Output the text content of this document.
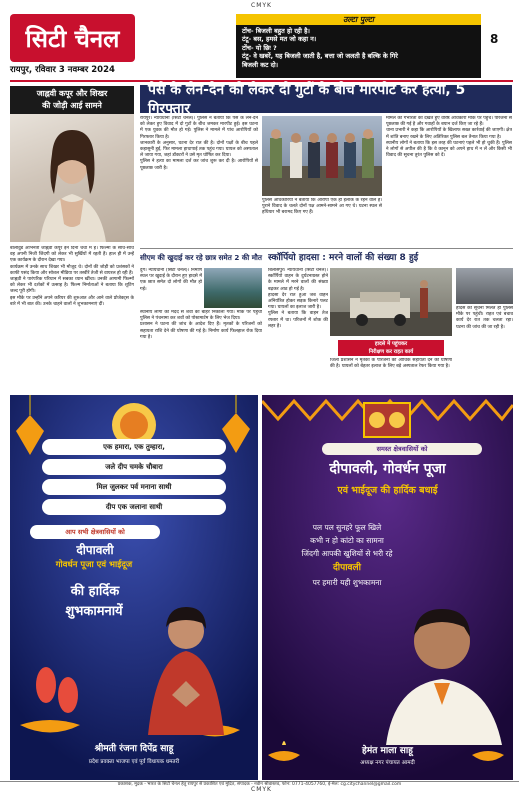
CMYK
सिटी चैनल
रायपुर, रविवार 3 नवम्बर 2024
उल्टा पुल्टा
टोंच- बिजली बहुत हो रही है।
टंटू- बस, हमसे मत जो कहा न।
टोंच- यो छिः ?
टंटू- वे खबरें, यह बिजली जाती है, बत्ता जो जलती है बल्कि के गिरे
बिजली कट दो।
8
जाह्नवी कपूर और शिखर
की जोड़ी आई सामने
बॉलीवुड अभिनेत्री जाह्नवी कपूर इन दिनों चर्चा में हैं। फिल्मों के साथ-साथ वह अपनी निजी जिंदगी को लेकर भी सुर्खियों में रहती हैं। हाल ही में उन्हें एक कार्यक्रम के दौरान देखा गया।
कार्यक्रम में उनके साथ शिखर भी मौजूद थे। दोनों की जोड़ी को प्रशंसकों ने काफी पसंद किया और सोशल मीडिया पर तस्वीरें तेजी से वायरल हो रही हैं।
जाह्नवी ने पारंपरिक परिधान में सबका ध्यान खींचा। उनकी आगामी फिल्मों को लेकर भी दर्शकों में उत्साह है। फिल्म निर्माताओं ने बताया कि शूटिंग जल्द पूरी होगी।
इस मौके पर उन्होंने अपने करियर की शुरुआत और आने वाले प्रोजेक्ट्स के बारे में भी बात की। उनके चाहने वालों ने शुभकामनाएं दीं।
पैसे के लेन-देन को लेकर दो गुटों के बीच मारपीट कर हत्या, 5 गिरफ्तार
रायपुर। न्यायधानी (सिटी चैनल)। पुलिस ने बताया कि पैसे के लेन-देन को लेकर हुए विवाद में दो गुटों के बीच जमकर मारपीट हुई। इस घटना में एक युवक की मौत हो गई। पुलिस ने मामले में पांच आरोपियों को गिरफ्तार किया है।
जानकारी के अनुसार, घटना देर रात की है। दोनों पक्षों के बीच पहले कहासुनी हुई, फिर मामला हाथापाई तक पहुंच गया। घायल को अस्पताल ले जाया गया, जहां डॉक्टरों ने उसे मृत घोषित कर दिया।
पुलिस ने हत्या का मामला दर्ज कर जांच शुरू कर दी है। आरोपियों से पूछताछ जारी है।
पुलिस अधिकारियों ने बताया कि आरोपी एक ही इलाके के रहने वाले हैं। पुराने विवाद के चलते दोनों पक्ष आमने-सामने आ गए थे। घटना स्थल से हथियार भी बरामद किए गए हैं।
मामले की गंभीरता को देखते हुए वरिष्ठ अधिकारी मौके पर पहुंचे। परिजनों से पूछताछ की गई है और गवाहों के बयान दर्ज किए जा रहे हैं।
थाना प्रभारी ने कहा कि आरोपियों के खिलाफ सख्त कार्रवाई की जाएगी। क्षेत्र में शांति बनाए रखने के लिए अतिरिक्त पुलिस बल तैनात किया गया है।
स्थानीय लोगों ने बताया कि इस तरह की घटनाएं पहले भी हो चुकी हैं। पुलिस ने लोगों से अपील की है कि वे कानून को अपने हाथ में न लें और किसी भी विवाद की सूचना तुरंत पुलिस को दें।
सीएम की खुदाई कर रहे छात्र समेत 2 की मौत
दुर्ग। न्यायधानी (सिटी चैनल)। निर्माण स्थल पर खुदाई के दौरान हुए हादसे में एक छात्र समेत दो लोगों की मौत हो गई।
स्थानीय लोगों की मदद से शवों को बाहर निकाला गया। मौके पर पहुंची पुलिस ने पंचनामा कर शवों को पोस्टमार्टम के लिए भेज दिया।
प्रशासन ने घटना की जांच के आदेश दिए हैं। मृतकों के परिजनों को सहायता राशि देने की घोषणा की गई है। निर्माण कार्य फिलहाल रोक दिया गया है।
स्कॉर्पियो हादसा : मरने वालों की संख्या 8 हुई
बिलासपुर। न्यायधानी (सिटी चैनल)। स्कॉर्पियो वाहन के दुर्घटनाग्रस्त होने के मामले में मरने वालों की संख्या बढ़कर आठ हो गई है।
हादसा देर रात हुआ जब वाहन अनियंत्रित होकर सड़क किनारे पलट गया। घायलों का इलाज जारी है।
पुलिस ने बताया कि वाहन तेज रफ्तार में था। परिजनों में शोक की लहर है।
हादसे में पहुंचकर
निरीक्षण कर राहत कार्य
जिला प्रशासन ने मृतकों के परिजनों को आर्थिक सहायता देने की घोषणा की है। घायलों को बेहतर इलाज के लिए बड़े अस्पताल रेफर किया गया है।
हादसे की सूचना मिलते ही पुलिस मौके पर पहुंची। राहत एवं बचाव कार्य देर रात तक चलता रहा। घटना की जांच की जा रही है।
एक हमारा, एक तुम्हारा,
जले दीप चमके चौबारा
मिल जुलकर पर्व मनाना साथी
दीप एक जलाना साथी
आप सभी क्षेत्रवासियों को
दीपावली
गोवर्धन पूजा एवं भाईदूज
की हार्दिक
शुभकामनायें
श्रीमती रंजना दिपेंद्र साहू
प्रदेश प्रवक्ता भाजपा एवं पूर्व विधायक धमतरी
समस्त क्षेत्रवासियों को
दीपावली, गोवर्धन पूजा
एवं भाईदूज की हार्दिक बधाई
पल पल सुनहरे फूल खिले
कभी न हो कांटो का सामना
जिंदगी आपकी खुशियों से भरी रहे
दीपावली
पर हमारी यही शुभकामना
हेमंत माला साहू
अध्यक्ष नगर पंचायत आमदी
प्रकाशक, मुद्रक - भारत के सिटी चैनल हेतु रायपुर से प्रकाशित एवं मुद्रित, संपादक - नवीन श्रीवास्तव, फोन: 0771-4057760, ई-मेल: cg.citychannel@gmail.com
CMYK
